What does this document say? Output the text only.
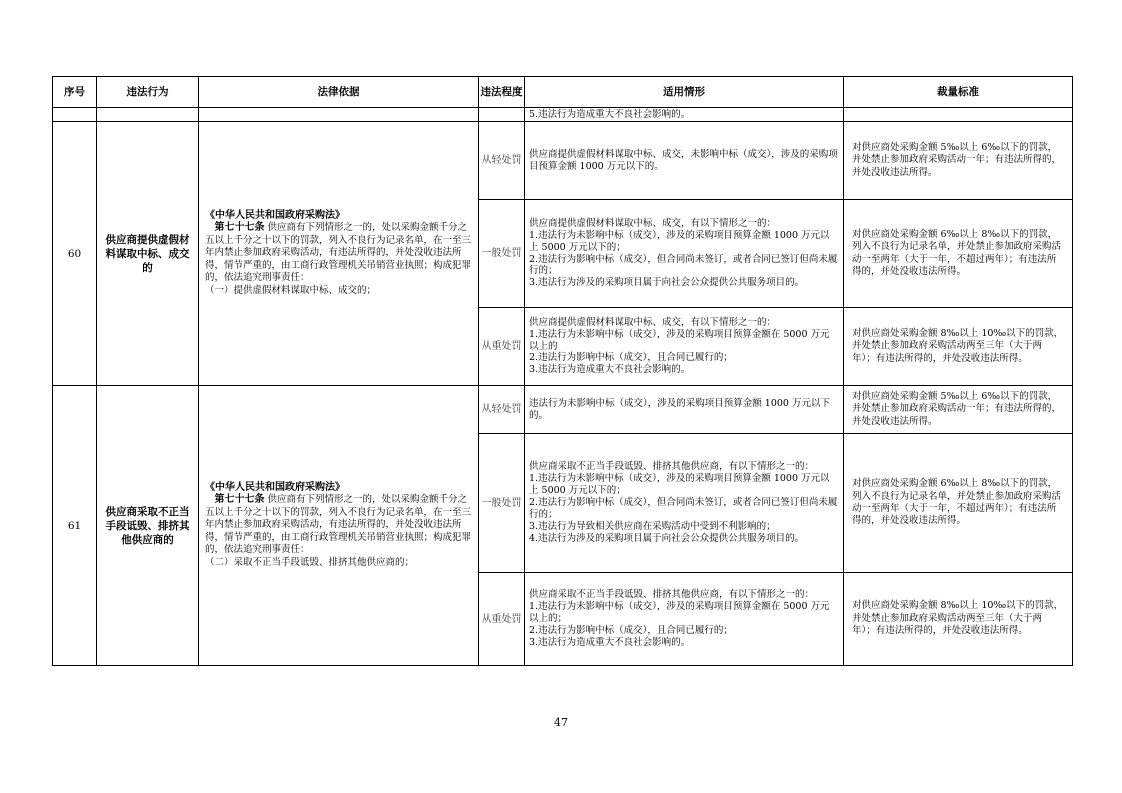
序号	违法行为	法律依据	违法程度	适用情形	裁量标准

				5.违法行为造成重大不良社会影响的。	

60	供应商提供虚假材料谋取中标、成交的	《中华人民共和国政府采购法》
　第七十七条 供应商有下列情形之一的，处以采购金额千分之五以上千分之十以下的罚款，列入不良行为记录名单，在一至三年内禁止参加政府采购活动，有违法所得的，并处没收违法所得，情节严重的，由工商行政管理机关吊销营业执照；构成犯罪的，依法追究刑事责任：
（一）提供虚假材料谋取中标、成交的；	从轻处罚	供应商提供虚假材料谋取中标、成交，未影响中标（成交），涉及的采购项目预算金额 1000 万元以下的。	对供应商处采购金额 5‰以上 6‰以下的罚款，并处禁止参加政府采购活动一年；有违法所得的，并处没收违法所得。
			一般处罚	供应商提供虚假材料谋取中标、成交，有以下情形之一的：
1.违法行为未影响中标（成交），涉及的采购项目预算金额 1000 万元以上 5000 万元以下的；
2.违法行为影响中标（成交），但合同尚未签订，或者合同已签订但尚未履行的；
3.违法行为涉及的采购项目属于向社会公众提供公共服务项目的。	对供应商处采购金额 6‰以上 8‰以下的罚款，列入不良行为记录名单，并处禁止参加政府采购活动一至两年（大于一年，不超过两年）；有违法所得的，并处没收违法所得。
			从重处罚	供应商提供虚假材料谋取中标、成交，有以下情形之一的：
1.违法行为未影响中标（成交），涉及的采购项目预算金额在 5000 万元以上的
2.违法行为影响中标（成交），且合同已履行的；
3.违法行为造成重大不良社会影响的。	对供应商处采购金额 8‰以上 10‰以下的罚款，并处禁止参加政府采购活动两至三年（大于两年）；有违法所得的，并处没收违法所得。
61	供应商采取不正当手段诋毁、排挤其他供应商的	《中华人民共和国政府采购法》
　第七十七条 供应商有下列情形之一的，处以采购金额千分之五以上千分之十以下的罚款，列入不良行为记录名单，在一至三年内禁止参加政府采购活动，有违法所得的，并处没收违法所得，情节严重的，由工商行政管理机关吊销营业执照；构成犯罪的，依法追究刑事责任：
（二）采取不正当手段诋毁、排挤其他供应商的；	从轻处罚	违法行为未影响中标（成交），涉及的采购项目预算金额 1000 万元以下的。	对供应商处采购金额 5‰以上 6‰以下的罚款，并处禁止参加政府采购活动一年；有违法所得的，并处没收违法所得。
			一般处罚	供应商采取不正当手段诋毁、排挤其他供应商，有以下情形之一的：
1.违法行为未影响中标（成交），涉及的采购项目预算金额 1000 万元以上 5000 万元以下的；
2.违法行为影响中标（成交），但合同尚未签订，或者合同已签订但尚未履行的；
3.违法行为导致相关供应商在采购活动中受到不利影响的；
4.违法行为涉及的采购项目属于向社会公众提供公共服务项目的。	对供应商处采购金额 6‰以上 8‰以下的罚款，列入不良行为记录名单，并处禁止参加政府采购活动一至两年（大于一年，不超过两年）；有违法所得的，并处没收违法所得。
			从重处罚	供应商采取不正当手段诋毁、排挤其他供应商，有以下情形之一的：
1.违法行为未影响中标（成交），涉及的采购项目预算金额在 5000 万元以上的；
2.违法行为影响中标（成交），且合同已履行的；
3.违法行为造成重大不良社会影响的。	对供应商处采购金额 8‰以上 10‰以下的罚款，并处禁止参加政府采购活动两至三年（大于两年）；有违法所得的，并处没收违法所得。
47
